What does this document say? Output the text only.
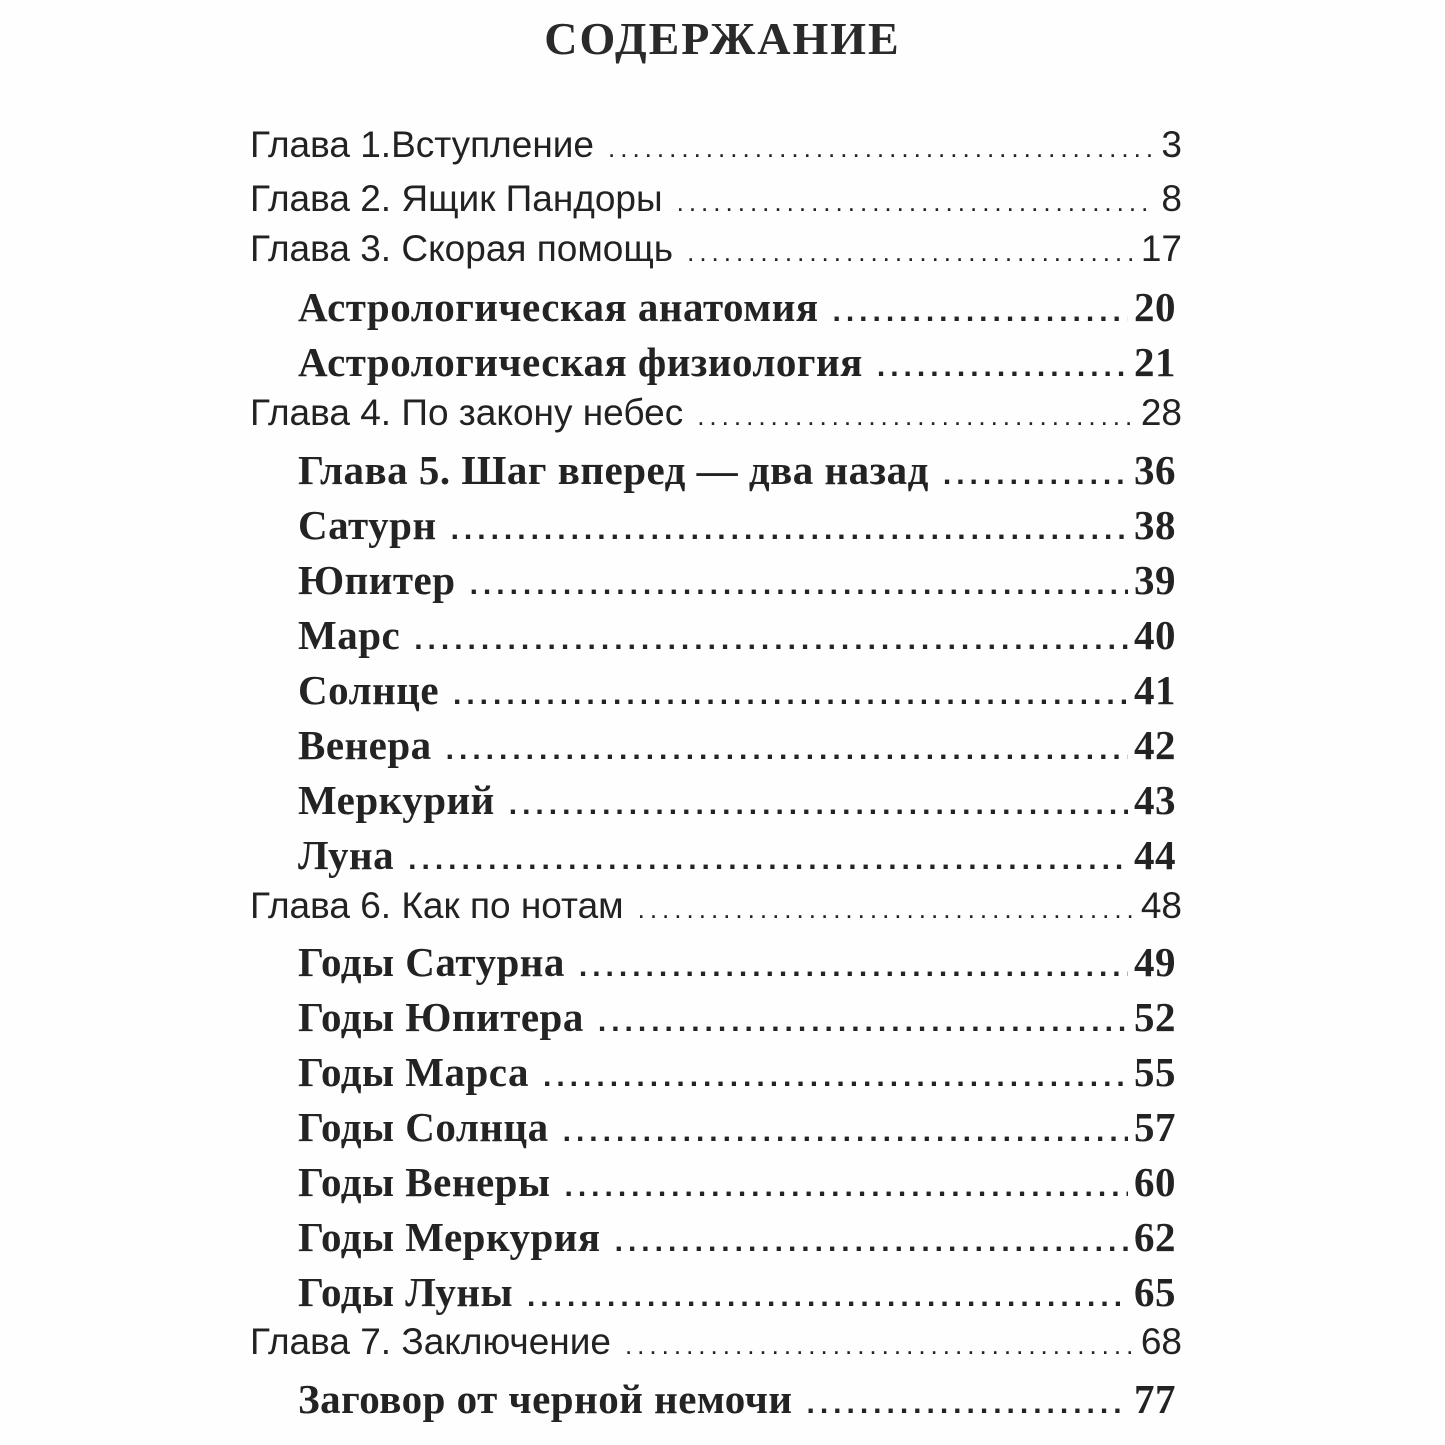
СОДЕРЖАНИЕ
Глава 1.Вступление .....	3
Глава 2. Ящик Пандоры .....	8
Глава 3. Скорая помощь .....	17
Астрологическая анатомия .....	20
Астрологическая физиология .....	21
Глава 4. По закону небес .....	28
Глава 5. Шаг вперед — два назад .....	36
Сатурн .....	38
Юпитер .....	39
Марс .....	40
Солнце .....	41
Венера .....	42
Меркурий .....	43
Луна .....	44
Глава 6. Как по нотам .....	48
Годы Сатурна .....	49
Годы Юпитера .....	52
Годы Марса .....	55
Годы Солнца .....	57
Годы Венеры .....	60
Годы Меркурия .....	62
Годы Луны .....	65
Глава 7. Заключение .....	68
Заговор от черной немочи .....	77
